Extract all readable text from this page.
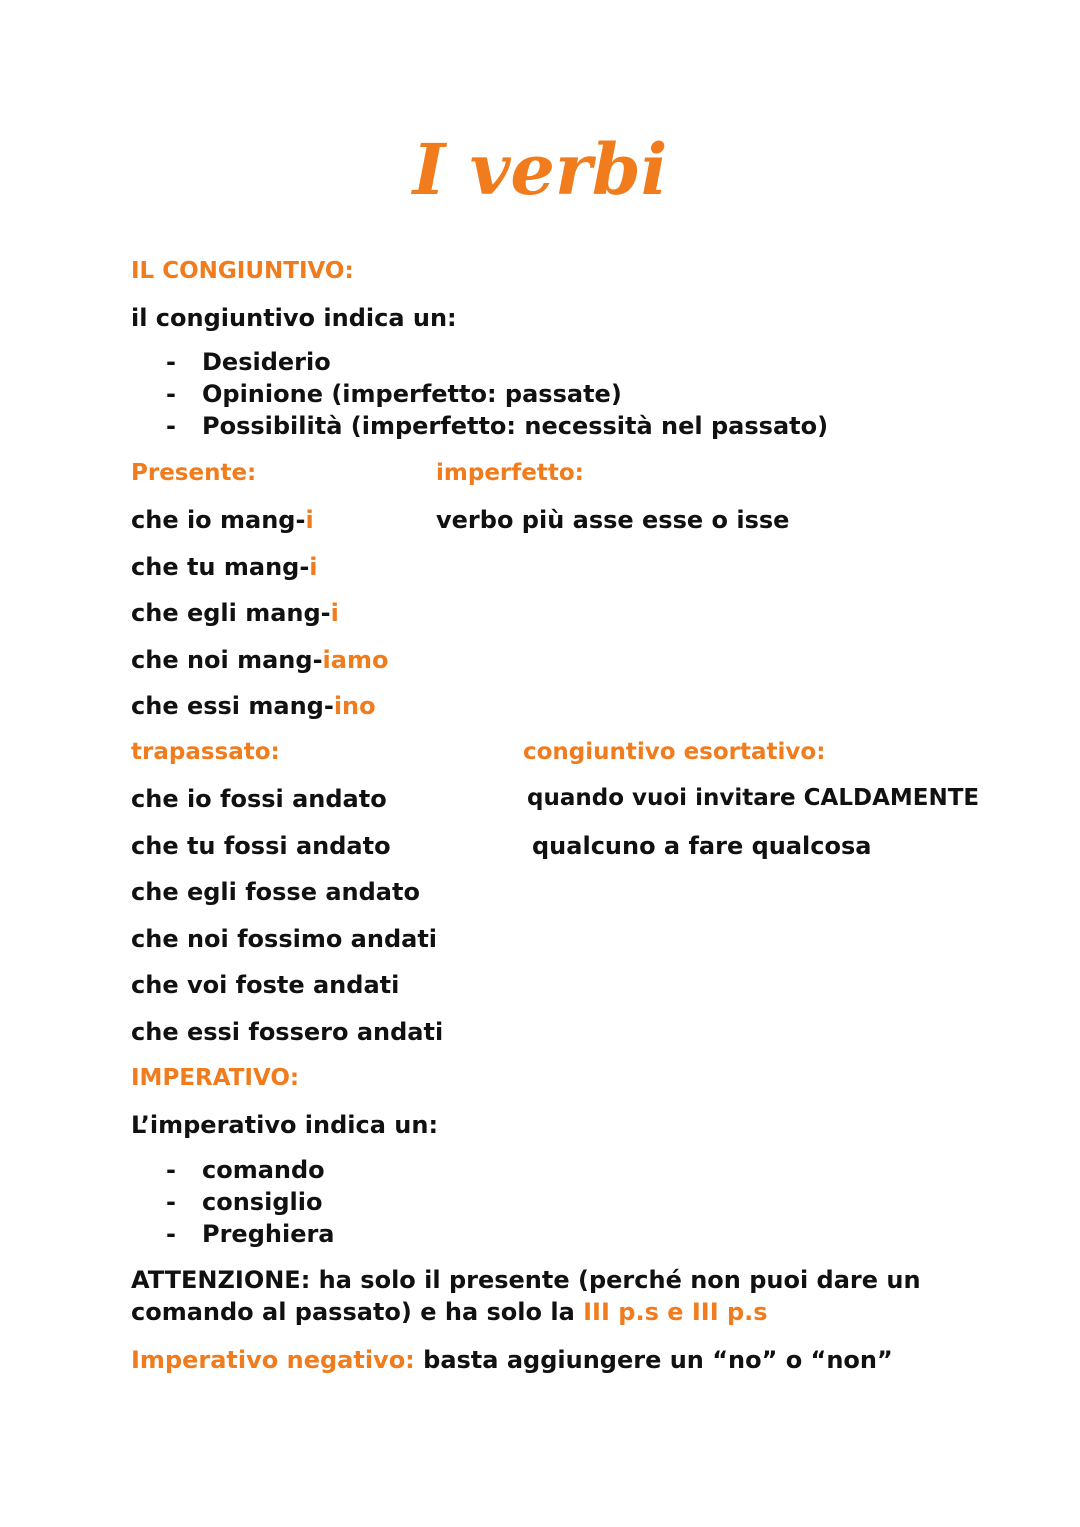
I verbi
IL CONGIUNTIVO:
il congiuntivo indica un:
- Desiderio
- Opinione (imperfetto: passate)
- Possibilità (imperfetto: necessità nel passato)
Presente:
che io mang-i
che tu mang-i
che egli mang-i
che noi mang-iamo
che essi mang-ino
imperfetto:
verbo più asse esse o isse
trapassato:
che io fossi andato
che tu fossi andato
che egli fosse andato
che noi fossimo andati
che voi foste andati
che essi fossero andati
congiuntivo esortativo:
quando vuoi invitare CALDAMENTE
qualcuno a fare qualcosa
IMPERATIVO:
L’imperativo indica un:
- comando
- consiglio
- Preghiera
ATTENZIONE: ha solo il presente (perché non puoi dare un
comando al passato) e ha solo la III p.s e III p.s
Imperativo negativo: basta aggiungere un “no” o “non”
